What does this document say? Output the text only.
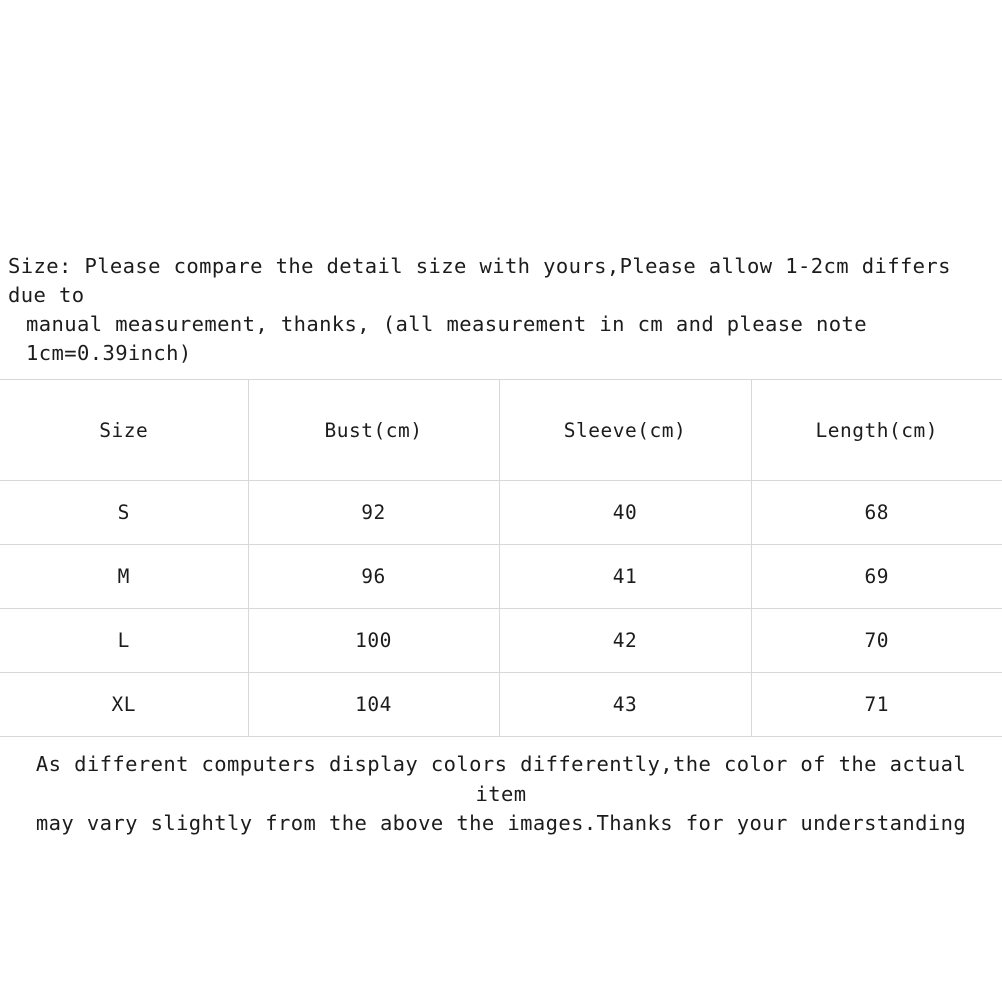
Size: Please compare the detail size with yours,Please allow 1-2cm differs due to
manual measurement, thanks, (all measurement in cm and please note 1cm=0.39inch)
Size	Bust(cm)	Sleeve(cm)	Length(cm)
S	92	40	68
M	96	41	69
L	100	42	70
XL	104	43	71
As different computers display colors differently,the color of the actual item
may vary slightly from the above the images.Thanks for your understanding
